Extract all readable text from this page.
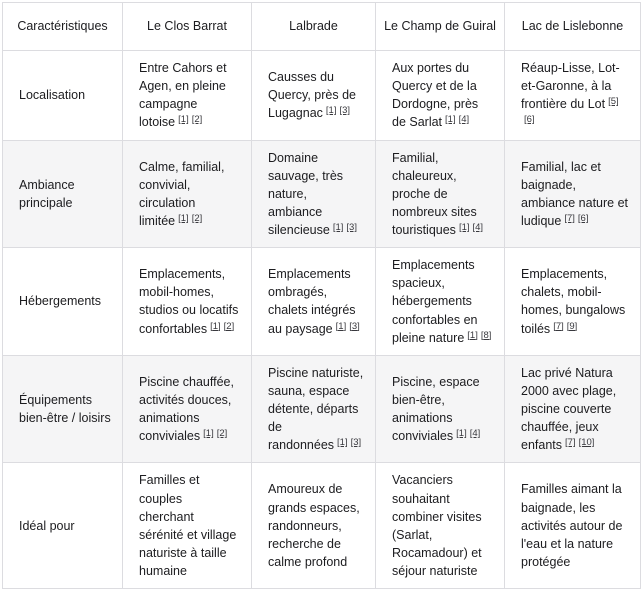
Caractéristiques	Le Clos Barrat	Lalbrade	Le Champ de Guiral	Lac de Lislebonne
Localisation	Entre Cahors et Agen, en pleine campagne lotoise [1] [2]	Causses du Quercy, près de Lugagnac [1] [3]	Aux portes du Quercy et de la Dordogne, près de Sarlat [1] [4]	Réaup-Lisse, Lot-et-Garonne, à la frontière du Lot [5][6]
Ambiance principale	Calme, familial, convivial, circulation limitée [1] [2]	Domaine sauvage, très nature, ambiance silencieuse [1] [3]	Familial, chaleureux, proche de nombreux sites touristiques [1] [4]	Familial, lac et baignade, ambiance nature et ludique [7] [6]
Hébergements	Emplacements, mobil-homes, studios ou locatifs confortables [1] [2]	Emplacements ombragés, chalets intégrés au paysage [1] [3]	Emplacements spacieux, hébergements confortables en pleine nature [1] [8]	Emplacements, chalets, mobil-homes, bungalows toilés [7] [9]
Équipements bien-être / loisirs	Piscine chauffée, activités douces, animations conviviales [1] [2]	Piscine naturiste, sauna, espace détente, départs de randonnées [1] [3]	Piscine, espace bien-être, animations conviviales [1] [4]	Lac privé Natura 2000 avec plage, piscine couverte chauffée, jeux enfants [7] [10]
Idéal pour	Familles et couples cherchant sérénité et village naturiste à taille humaine	Amoureux de grands espaces, randonneurs, recherche de calme profond	Vacanciers souhaitant combiner visites (Sarlat, Rocamadour) et séjour naturiste	Familles aimant la baignade, les activités autour de l'eau et la nature protégée
